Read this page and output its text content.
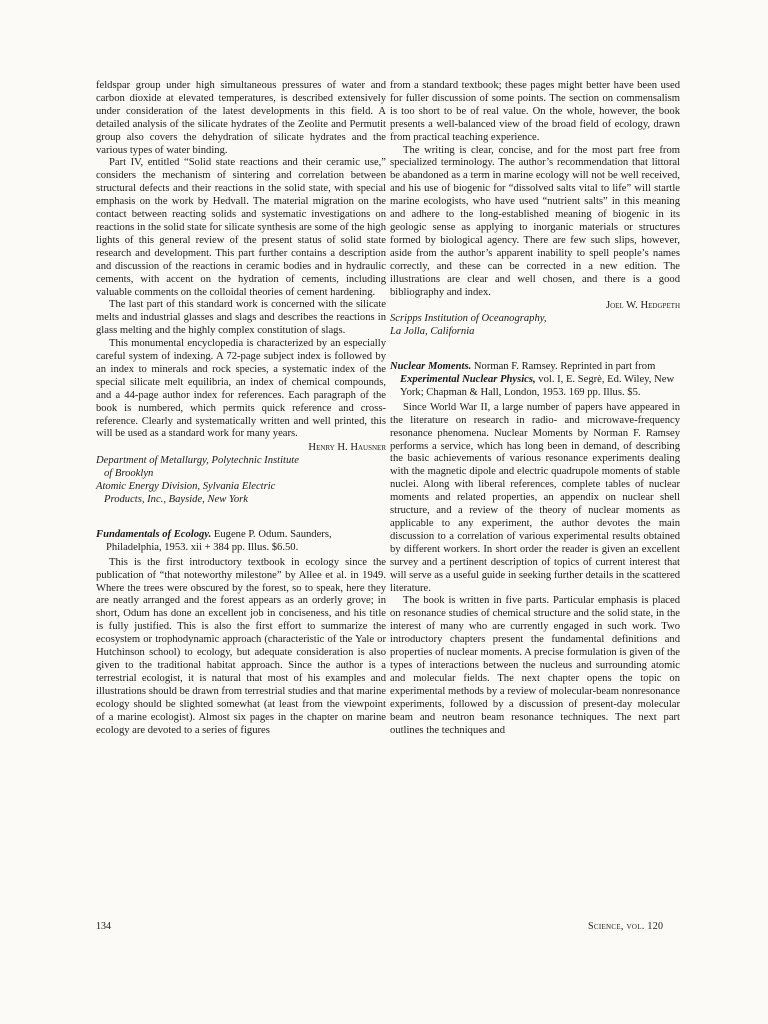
feldspar group under high simultaneous pressures of water and carbon dioxide at elevated temperatures, is described extensively under consideration of the latest developments in this field. A detailed analysis of the silicate hydrates of the Zeolite and Permutit group also covers the dehydration of silicate hydrates and the various types of water binding.

Part IV, entitled “Solid state reactions and their ceramic use,” considers the mechanism of sintering and correlation between structural defects and their reactions in the solid state, with special emphasis on the work by Hedvall. The material migration on the contact between reacting solids and systematic investigations on reactions in the solid state for silicate synthesis are some of the high lights of this general review of the present status of solid state research and development. This part further contains a description and discussion of the reactions in ceramic bodies and in hydraulic cements, with accent on the hydration of cements, including valuable comments on the colloidal theories of cement hardening.

The last part of this standard work is concerned with the silicate melts and industrial glasses and slags and describes the reactions in glass melting and the highly complex constitution of slags.

This monumental encyclopedia is characterized by an especially careful system of indexing. A 72-page subject index is followed by an index to minerals and rock species, a systematic index of the special silicate melt equilibria, an index of chemical compounds, and a 44-page author index for references. Each paragraph of the book is numbered, which permits quick reference and cross-reference. Clearly and systematically written and well printed, this will be used as a standard work for many years.

Henry H. Hausner
Department of Metallurgy, Polytechnic Institute
of Brooklyn
Atomic Energy Division, Sylvania Electric
Products, Inc., Bayside, New York
Fundamentals of Ecology. Eugene P. Odum. Saunders, Philadelphia, 1953. xii + 384 pp. Illus. $6.50.

This is the first introductory textbook in ecology since the publication of “that noteworthy milestone” by Allee et al. in 1949. Where the trees were obscured by the forest, so to speak, here they are neatly arranged and the forest appears as an orderly grove; in short, Odum has done an excellent job in conciseness, and his title is fully justified. This is also the first effort to summarize the ecosystem or trophodynamic approach (characteristic of the Yale or Hutchinson school) to ecology, but adequate consideration is also given to the traditional habitat approach. Since the author is a terrestrial ecologist, it is natural that most of his examples and illustrations should be drawn from terrestrial studies and that marine ecology should be slighted somewhat (at least from the viewpoint of a marine ecologist). Almost six pages in the chapter on marine ecology are devoted to a series of figures

from a standard textbook; these pages might better have been used for fuller discussion of some points. The section on commensalism is too short to be of real value. On the whole, however, the book presents a well-balanced view of the broad field of ecology, drawn from practical teaching experience.

The writing is clear, concise, and for the most part free from specialized terminology. The author’s recommendation that littoral be abandoned as a term in marine ecology will not be well received, and his use of biogenic for “dissolved salts vital to life” will startle marine ecologists, who have used “nutrient salts” in this meaning and adhere to the long-established meaning of biogenic in its geologic sense as applying to inorganic materials or structures formed by biological agency. There are few such slips, however, aside from the author’s apparent inability to spell people’s names correctly, and these can be corrected in a new edition. The illustrations are clear and well chosen, and there is a good bibliography and index.

Joel W. Hedgpeth
Scripps Institution of Oceanography,
La Jolla, California
Nuclear Moments. Norman F. Ramsey. Reprinted in part from Experimental Nuclear Physics, vol. I, E. Segrè, Ed. Wiley, New York; Chapman & Hall, London, 1953. 169 pp. Illus. $5.

Since World War II, a large number of papers have appeared in the literature on research in radio- and microwave-frequency resonance phenomena. Nuclear Moments by Norman F. Ramsey performs a service, which has long been in demand, of describing the basic achievements of various resonance experiments dealing with the magnetic dipole and electric quadrupole moments of stable nuclei. Along with liberal references, complete tables of nuclear moments and related properties, an appendix on nuclear shell structure, and a review of the theory of nuclear moments as applicable to any experiment, the author devotes the main discussion to a correlation of various experimental results obtained by different workers. In short order the reader is given an excellent survey and a pertinent description of topics of current interest that will serve as a useful guide in seeking further details in the scattered literature.

The book is written in five parts. Particular emphasis is placed on resonance studies of chemical structure and the solid state, in the interest of many who are currently engaged in such work. Two introductory chapters present the fundamental definitions and properties of nuclear moments. A precise formulation is given of the types of interactions between the nucleus and surrounding atomic and molecular fields. The next chapter opens the topic on experimental methods by a review of molecular-beam nonresonance experiments, followed by a discussion of present-day molecular beam and neutron beam resonance techniques. The next part outlines the techniques and

134	Science, vol. 120
